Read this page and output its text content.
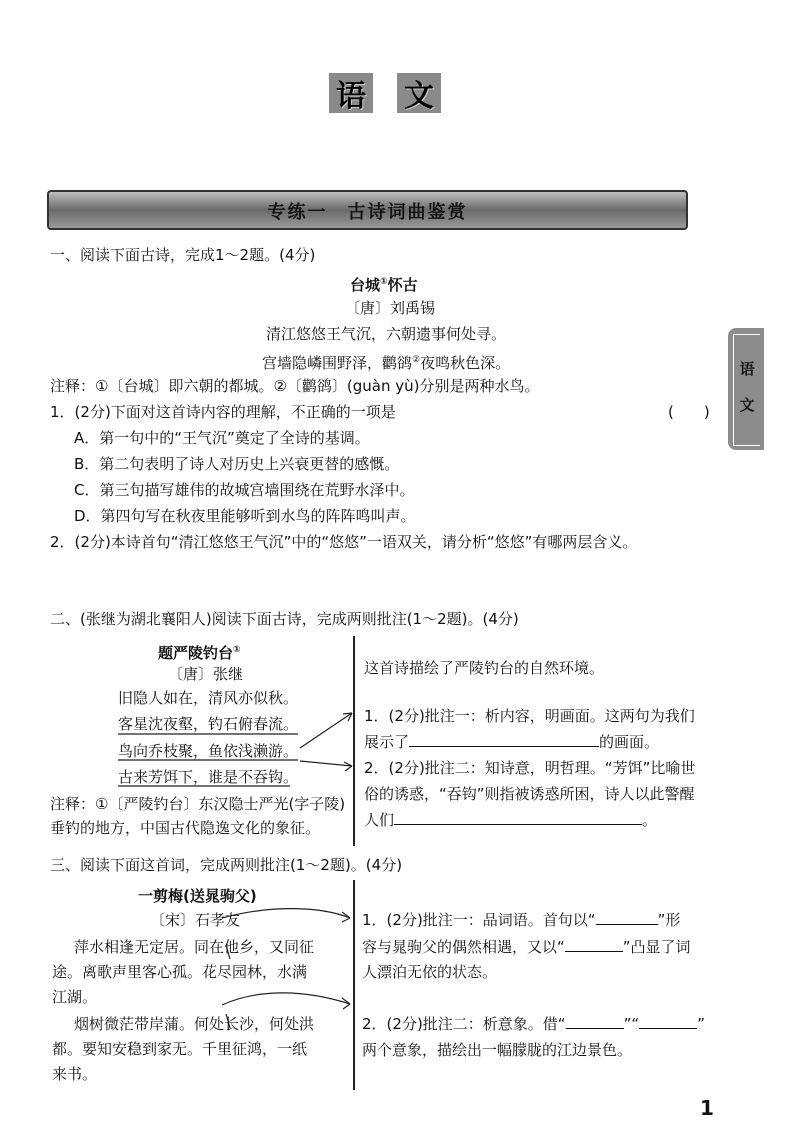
语 文
专练一　古诗词曲鉴赏
语
文
一、阅读下面古诗，完成1～2题。(4分)
台城①怀古
〔唐〕刘禹锡
清江悠悠王气沉，六朝遗事何处寻。
宫墙隐嶙围野泽，鹳鹆②夜鸣秋色深。
注释：①〔台城〕即六朝的都城。②〔鹳鹆〕(guàn yù)分别是两种水鸟。
1．(2分)下面对这首诗内容的理解，不正确的一项是	(　　)
A．第一句中的“王气沉”奠定了全诗的基调。
B．第二句表明了诗人对历史上兴衰更替的感慨。
C．第三句描写雄伟的故城宫墙围绕在荒野水泽中。
D．第四句写在秋夜里能够听到水鸟的阵阵鸣叫声。
2．(2分)本诗首句“清江悠悠王气沉”中的“悠悠”一语双关，请分析“悠悠”有哪两层含义。
二、(张继为湖北襄阳人)阅读下面古诗，完成两则批注(1～2题)。(4分)
题严陵钓台①
〔唐〕张继
旧隐人如在，清风亦似秋。
客星沈夜壑，钓石俯春流。
鸟向乔枝聚，鱼依浅濑游。
古来芳饵下，谁是不吞钩。
注释：①〔严陵钓台〕东汉隐士严光(字子陵)
垂钓的地方，中国古代隐逸文化的象征。
这首诗描绘了严陵钓台的自然环境。
1．(2分)批注一：析内容，明画面。这两句为我们
展示了	的画面。
2．(2分)批注二：知诗意，明哲理。“芳饵”比喻世
俗的诱惑，“吞钩”则指被诱惑所困，诗人以此警醒
人们	。
三、阅读下面这首词，完成两则批注(1～2题)。(4分)
一剪梅(送晁驹父)
〔宋〕石孝友
萍水相逢无定居。同在他乡，又同征
途。离歌声里客心孤。花尽园林，水满
江湖。
烟树微茫带岸蒲。何处长沙，何处洪
都。要知安稳到家无。千里征鸿，一纸
来书。
1．(2分)批注一：品词语。首句以“	”形
容与晁驹父的偶然相遇，又以“	”凸显了词
人漂泊无依的状态。
2．(2分)批注二：析意象。借“	”“	”
两个意象，描绘出一幅朦胧的江边景色。
1
